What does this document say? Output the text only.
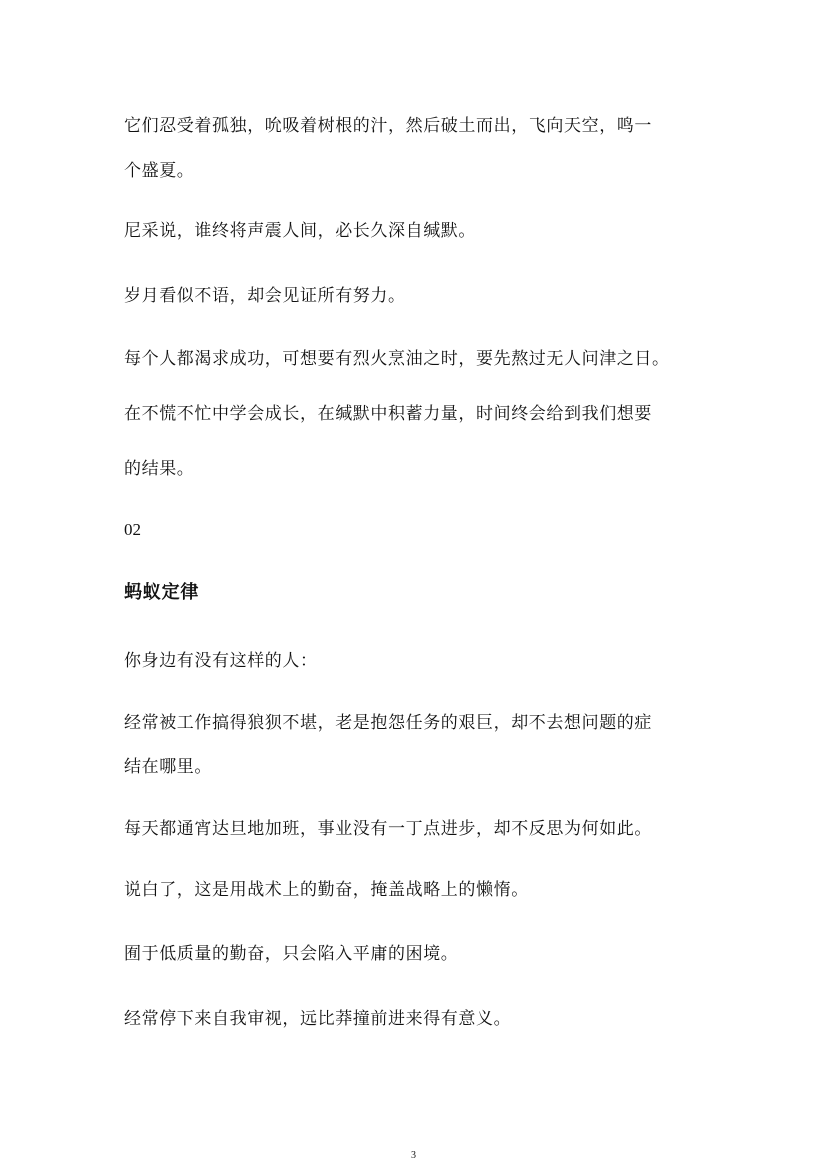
它们忍受着孤独，吮吸着树根的汁，然后破土而出，飞向天空，鸣一
个盛夏。
尼采说，谁终将声震人间，必长久深自缄默。
岁月看似不语，却会见证所有努力。
每个人都渴求成功，可想要有烈火烹油之时，要先熬过无人问津之日。
在不慌不忙中学会成长，在缄默中积蓄力量，时间终会给到我们想要
的结果。
02
蚂蚁定律
你身边有没有这样的人：
经常被工作搞得狼狈不堪，老是抱怨任务的艰巨，却不去想问题的症
结在哪里。
每天都通宵达旦地加班，事业没有一丁点进步，却不反思为何如此。
说白了，这是用战术上的勤奋，掩盖战略上的懒惰。
囿于低质量的勤奋，只会陷入平庸的困境。
经常停下来自我审视，远比莽撞前进来得有意义。
3
